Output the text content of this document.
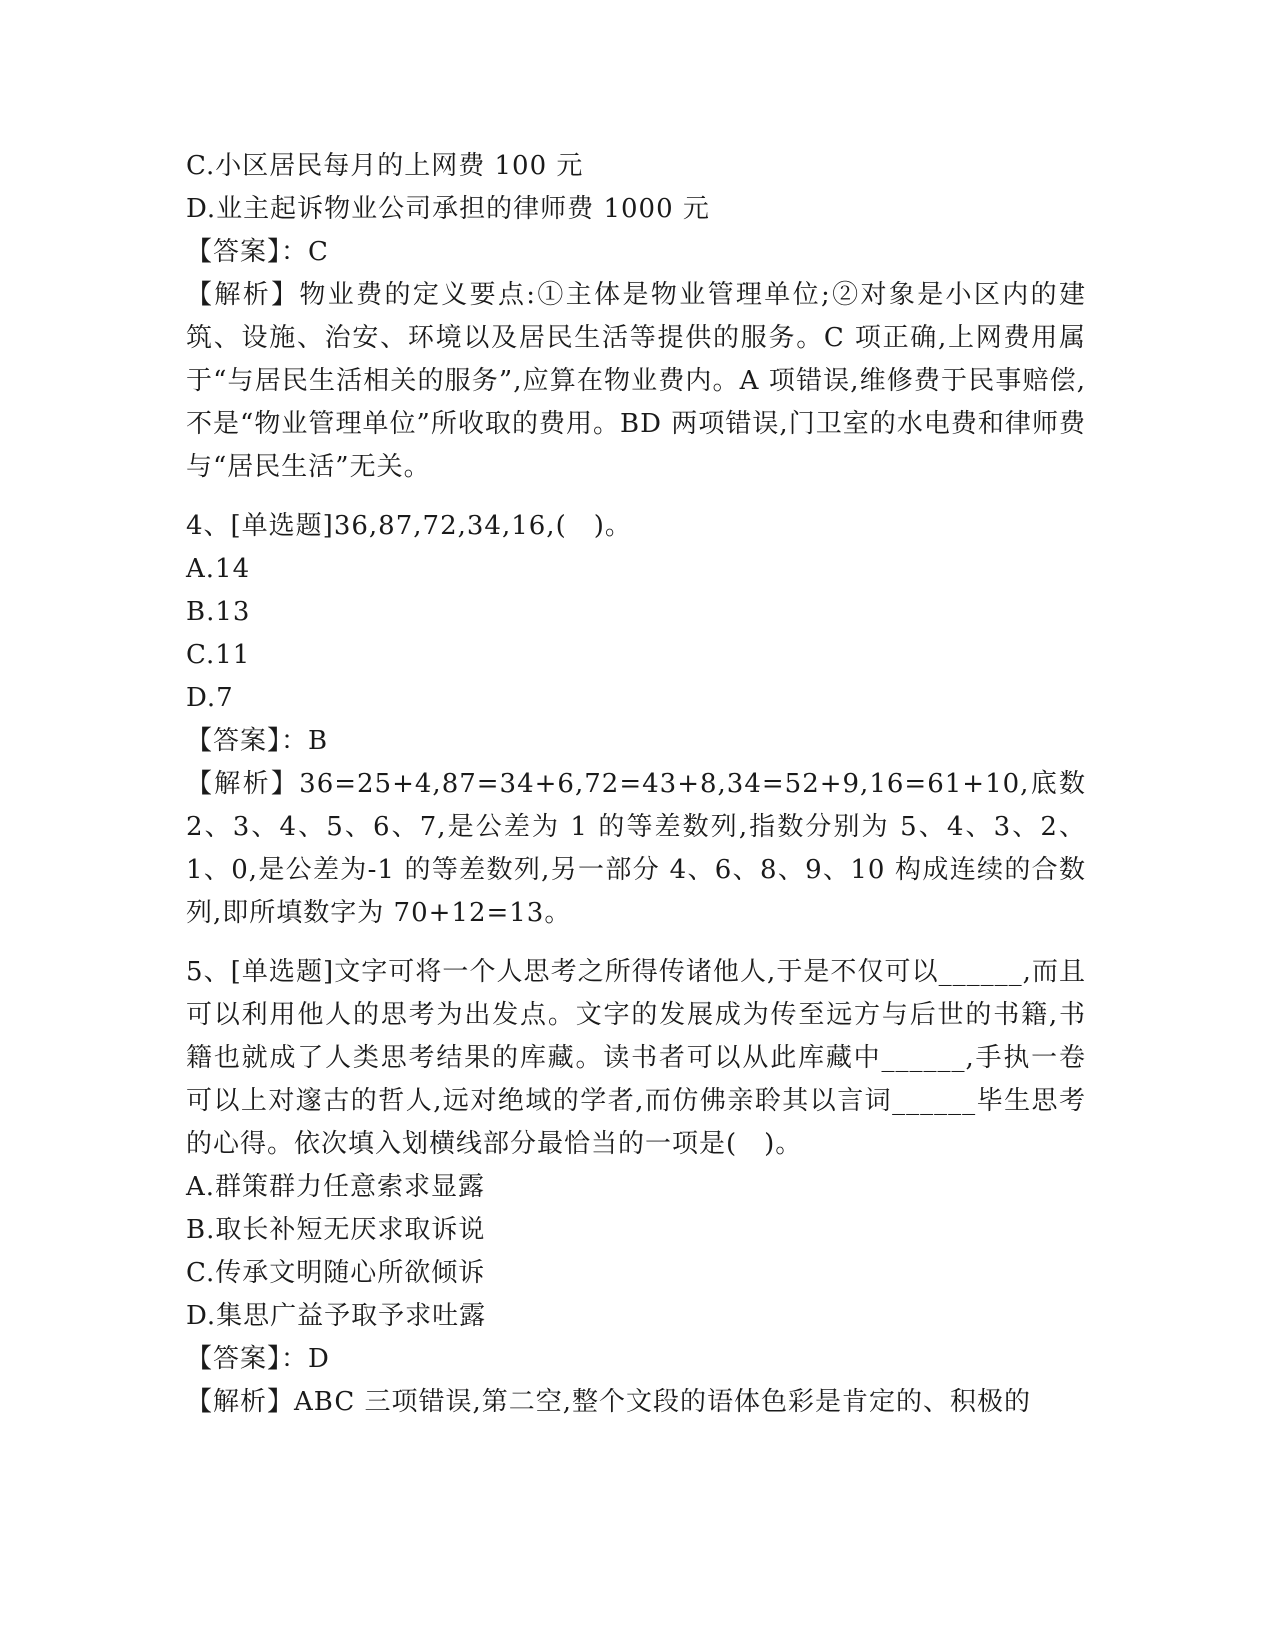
C.小区居民每月的上网费 100 元
D.业主起诉物业公司承担的律师费 1000 元
【答案】：C
【解析】物业费的定义要点:①主体是物业管理单位;②对象是小区内的建筑、设施、治安、环境以及居民生活等提供的服务。C 项正确,上网费用属于“与居民生活相关的服务”,应算在物业费内。A 项错误,维修费于民事赔偿,不是“物业管理单位”所收取的费用。BD 两项错误,门卫室的水电费和律师费与“居民生活”无关。
4、[单选题]36,87,72,34,16,(　)。
A.14
B.13
C.11
D.7
【答案】：B
【解析】36=25+4,87=34+6,72=43+8,34=52+9,16=61+10,底数 2、3、4、5、6、7,是公差为 1 的等差数列,指数分别为 5、4、3、2、1、0,是公差为-1 的等差数列,另一部分 4、6、8、9、10 构成连续的合数列,即所填数字为 70+12=13。
5、[单选题]文字可将一个人思考之所得传诸他人,于是不仅可以______,而且可以利用他人的思考为出发点。文字的发展成为传至远方与后世的书籍,书籍也就成了人类思考结果的库藏。读书者可以从此库藏中______,手执一卷可以上对邃古的哲人,远对绝域的学者,而仿佛亲聆其以言词______毕生思考的心得。依次填入划横线部分最恰当的一项是(　)。
A.群策群力任意索求显露
B.取长补短无厌求取诉说
C.传承文明随心所欲倾诉
D.集思广益予取予求吐露
【答案】：D
【解析】ABC 三项错误,第二空,整个文段的语体色彩是肯定的、积极的
